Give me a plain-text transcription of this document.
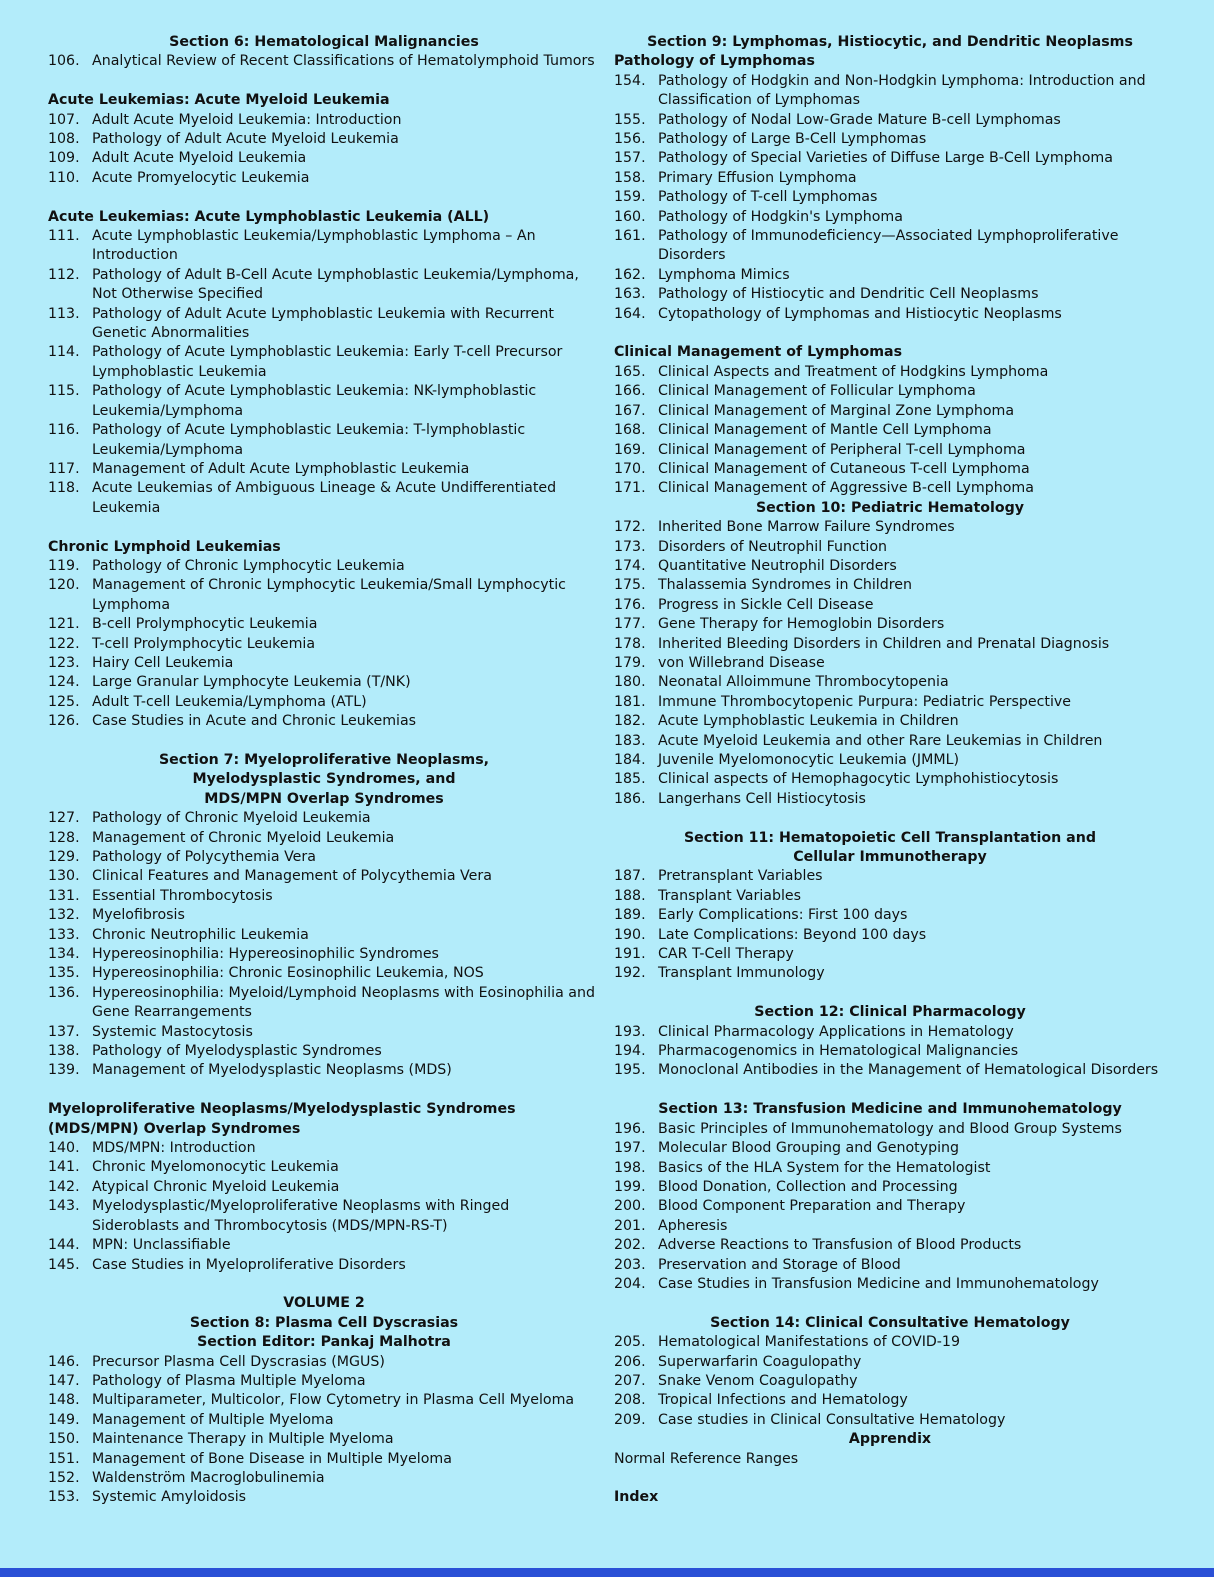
Section 6: Hematological Malignancies
106. Analytical Review of Recent Classifications of Hematolymphoid Tumors
Acute Leukemias: Acute Myeloid Leukemia
107. Adult Acute Myeloid Leukemia: Introduction
108. Pathology of Adult Acute Myeloid Leukemia
109. Adult Acute Myeloid Leukemia
110. Acute Promyelocytic Leukemia
Acute Leukemias: Acute Lymphoblastic Leukemia (ALL)
111. Acute Lymphoblastic Leukemia/Lymphoblastic Lymphoma – An Introduction
112. Pathology of Adult B-Cell Acute Lymphoblastic Leukemia/Lymphoma, Not Otherwise Specified
113. Pathology of Adult Acute Lymphoblastic Leukemia with Recurrent Genetic Abnormalities
114. Pathology of Acute Lymphoblastic Leukemia: Early T-cell Precursor Lymphoblastic Leukemia
115. Pathology of Acute Lymphoblastic Leukemia: NK-lymphoblastic Leukemia/Lymphoma
116. Pathology of Acute Lymphoblastic Leukemia: T-lymphoblastic Leukemia/Lymphoma
117. Management of Adult Acute Lymphoblastic Leukemia
118. Acute Leukemias of Ambiguous Lineage & Acute Undifferentiated Leukemia
Chronic Lymphoid Leukemias
119. Pathology of Chronic Lymphocytic Leukemia
120. Management of Chronic Lymphocytic Leukemia/Small Lymphocytic Lymphoma
121. B-cell Prolymphocytic Leukemia
122. T-cell Prolymphocytic Leukemia
123. Hairy Cell Leukemia
124. Large Granular Lymphocyte Leukemia (T/NK)
125. Adult T-cell Leukemia/Lymphoma (ATL)
126. Case Studies in Acute and Chronic Leukemias
Section 7: Myeloproliferative Neoplasms,
Myelodysplastic Syndromes, and
MDS/MPN Overlap Syndromes
127. Pathology of Chronic Myeloid Leukemia
128. Management of Chronic Myeloid Leukemia
129. Pathology of Polycythemia Vera
130. Clinical Features and Management of Polycythemia Vera
131. Essential Thrombocytosis
132. Myelofibrosis
133. Chronic Neutrophilic Leukemia
134. Hypereosinophilia: Hypereosinophilic Syndromes
135. Hypereosinophilia: Chronic Eosinophilic Leukemia, NOS
136. Hypereosinophilia: Myeloid/Lymphoid Neoplasms with Eosinophilia and Gene Rearrangements
137. Systemic Mastocytosis
138. Pathology of Myelodysplastic Syndromes
139. Management of Myelodysplastic Neoplasms (MDS)
Myeloproliferative Neoplasms/Myelodysplastic Syndromes
(MDS/MPN) Overlap Syndromes
140. MDS/MPN: Introduction
141. Chronic Myelomonocytic Leukemia
142. Atypical Chronic Myeloid Leukemia
143. Myelodysplastic/Myeloproliferative Neoplasms with Ringed Sideroblasts and Thrombocytosis (MDS/MPN-RS-T)
144. MPN: Unclassifiable
145. Case Studies in Myeloproliferative Disorders
VOLUME 2
Section 8: Plasma Cell Dyscrasias
Section Editor: Pankaj Malhotra
146. Precursor Plasma Cell Dyscrasias (MGUS)
147. Pathology of Plasma Multiple Myeloma
148. Multiparameter, Multicolor, Flow Cytometry in Plasma Cell Myeloma
149. Management of Multiple Myeloma
150. Maintenance Therapy in Multiple Myeloma
151. Management of Bone Disease in Multiple Myeloma
152. Waldenström Macroglobulinemia
153. Systemic Amyloidosis
Section 9: Lymphomas, Histiocytic, and Dendritic Neoplasms
Pathology of Lymphomas
154. Pathology of Hodgkin and Non-Hodgkin Lymphoma: Introduction and Classification of Lymphomas
155. Pathology of Nodal Low-Grade Mature B-cell Lymphomas
156. Pathology of Large B-Cell Lymphomas
157. Pathology of Special Varieties of Diffuse Large B-Cell Lymphoma
158. Primary Effusion Lymphoma
159. Pathology of T-cell Lymphomas
160. Pathology of Hodgkin's Lymphoma
161. Pathology of Immunodeficiency—Associated Lymphoproliferative Disorders
162. Lymphoma Mimics
163. Pathology of Histiocytic and Dendritic Cell Neoplasms
164. Cytopathology of Lymphomas and Histiocytic Neoplasms
Clinical Management of Lymphomas
165. Clinical Aspects and Treatment of Hodgkins Lymphoma
166. Clinical Management of Follicular Lymphoma
167. Clinical Management of Marginal Zone Lymphoma
168. Clinical Management of Mantle Cell Lymphoma
169. Clinical Management of Peripheral T-cell Lymphoma
170. Clinical Management of Cutaneous T-cell Lymphoma
171. Clinical Management of Aggressive B-cell Lymphoma
Section 10: Pediatric Hematology
172. Inherited Bone Marrow Failure Syndromes
173. Disorders of Neutrophil Function
174. Quantitative Neutrophil Disorders
175. Thalassemia Syndromes in Children
176. Progress in Sickle Cell Disease
177. Gene Therapy for Hemoglobin Disorders
178. Inherited Bleeding Disorders in Children and Prenatal Diagnosis
179. von Willebrand Disease
180. Neonatal Alloimmune Thrombocytopenia
181. Immune Thrombocytopenic Purpura: Pediatric Perspective
182. Acute Lymphoblastic Leukemia in Children
183. Acute Myeloid Leukemia and other Rare Leukemias in Children
184. Juvenile Myelomonocytic Leukemia (JMML)
185. Clinical aspects of Hemophagocytic Lymphohistiocytosis
186. Langerhans Cell Histiocytosis
Section 11: Hematopoietic Cell Transplantation and
Cellular Immunotherapy
187. Pretransplant Variables
188. Transplant Variables
189. Early Complications: First 100 days
190. Late Complications: Beyond 100 days
191. CAR T-Cell Therapy
192. Transplant Immunology
Section 12: Clinical Pharmacology
193. Clinical Pharmacology Applications in Hematology
194. Pharmacogenomics in Hematological Malignancies
195. Monoclonal Antibodies in the Management of Hematological Disorders
Section 13: Transfusion Medicine and Immunohematology
196. Basic Principles of Immunohematology and Blood Group Systems
197. Molecular Blood Grouping and Genotyping
198. Basics of the HLA System for the Hematologist
199. Blood Donation, Collection and Processing
200. Blood Component Preparation and Therapy
201. Apheresis
202. Adverse Reactions to Transfusion of Blood Products
203. Preservation and Storage of Blood
204. Case Studies in Transfusion Medicine and Immunohematology
Section 14: Clinical Consultative Hematology
205. Hematological Manifestations of COVID-19
206. Superwarfarin Coagulopathy
207. Snake Venom Coagulopathy
208. Tropical Infections and Hematology
209. Case studies in Clinical Consultative Hematology
Apprendix
Normal Reference Ranges
Index
